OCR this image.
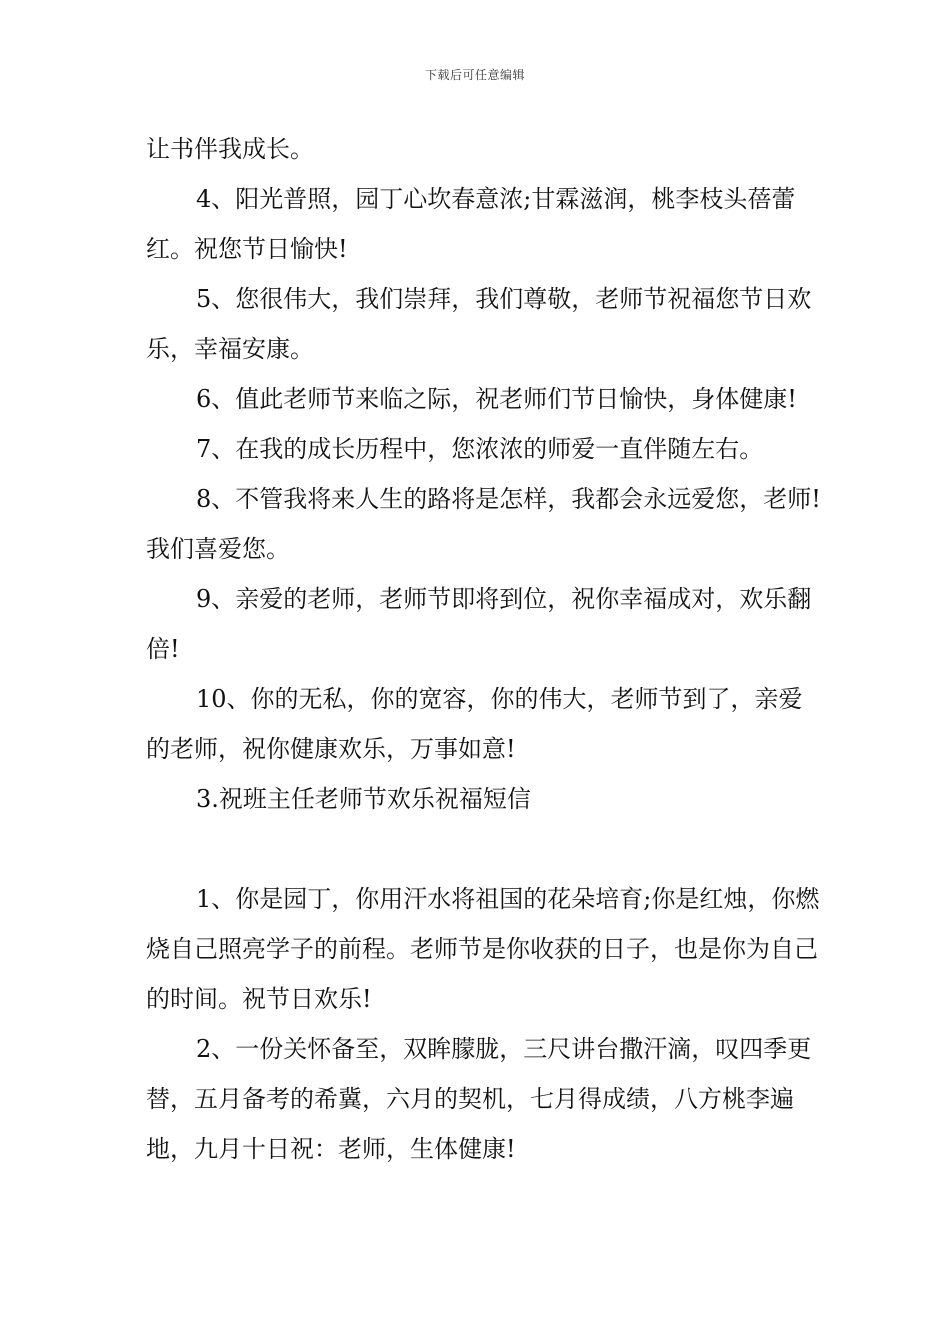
下载后可任意编辑

让书伴我成长。

4、阳光普照，园丁心坎春意浓;甘霖滋润，桃李枝头蓓蕾红。祝您节日愉快!

5、您很伟大，我们崇拜，我们尊敬，老师节祝福您节日欢乐，幸福安康。

6、值此老师节来临之际，祝老师们节日愉快，身体健康!

7、在我的成长历程中，您浓浓的师爱一直伴随左右。

8、不管我将来人生的路将是怎样，我都会永远爱您，老师!我们喜爱您。

9、亲爱的老师，老师节即将到位，祝你幸福成对，欢乐翻倍!

10、你的无私，你的宽容，你的伟大，老师节到了，亲爱的老师，祝你健康欢乐，万事如意!

3.祝班主任老师节欢乐祝福短信

1、你是园丁，你用汗水将祖国的花朵培育;你是红烛，你燃烧自己照亮学子的前程。老师节是你收获的日子，也是你为自己的时间。祝节日欢乐!

2、一份关怀备至，双眸朦胧，三尺讲台撒汗滴，叹四季更替，五月备考的希冀，六月的契机，七月得成绩，八方桃李遍地，九月十日祝：老师，生体健康!
